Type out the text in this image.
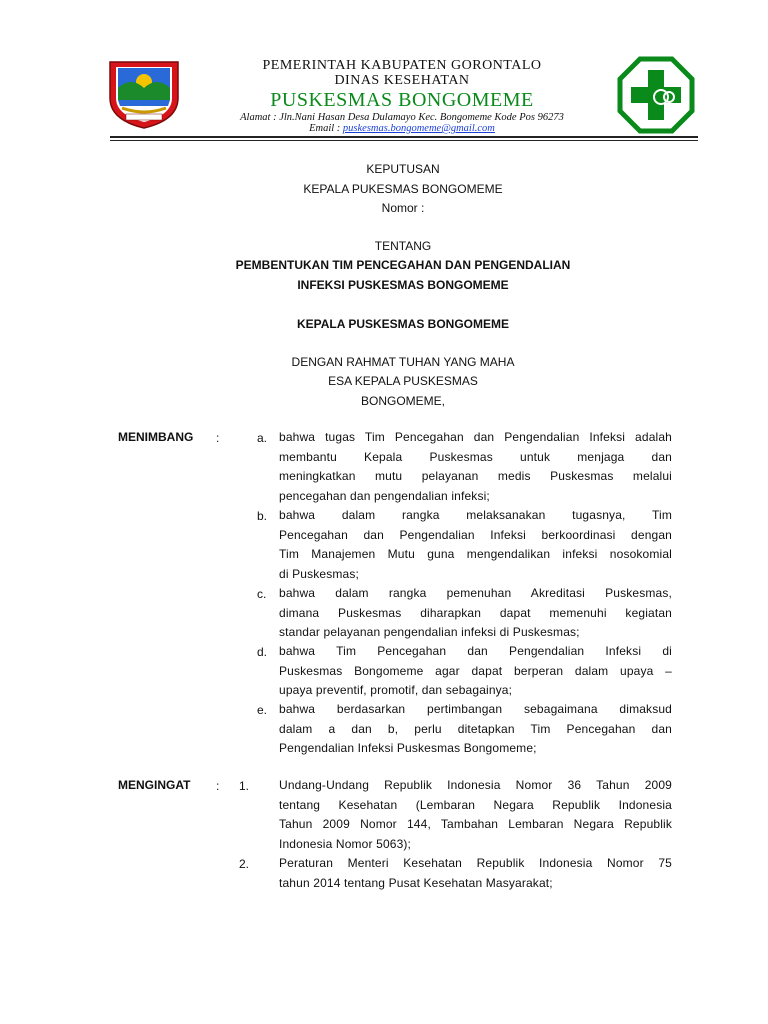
PEMERINTAH KABUPATEN GORONTALO
DINAS KESEHATAN
PUSKESMAS BONGOMEME
Alamat : Jln.Nani Hasan Desa Dulamayo Kec. Bongomeme Kode Pos 96273
Email : puskesmas.bongomeme@gmail.com
KEPUTUSAN
KEPALA PUKESMAS BONGOMEME
Nomor :
TENTANG
PEMBENTUKAN TIM PENCEGAHAN DAN PENGENDALIAN
INFEKSI PUSKESMAS BONGOMEME
KEPALA PUSKESMAS BONGOMEME
DENGAN RAHMAT TUHAN YANG MAHA
ESA KEPALA PUSKESMAS
BONGOMEME,
MENIMBANG :	a. bahwa tugas Tim Pencegahan dan Pengendalian Infeksi adalah
membantu Kepala Puskesmas untuk menjaga dan
meningkatkan mutu pelayanan medis Puskesmas melalui
pencegahan dan pengendalian infeksi;
b. bahwa dalam rangka melaksanakan tugasnya, Tim
Pencegahan dan Pengendalian Infeksi berkoordinasi dengan
Tim Manajemen Mutu guna mengendalikan infeksi nosokomial
di Puskesmas;
c. bahwa dalam rangka pemenuhan Akreditasi Puskesmas,
dimana Puskesmas diharapkan dapat memenuhi kegiatan
standar pelayanan pengendalian infeksi di Puskesmas;
d. bahwa Tim Pencegahan dan Pengendalian Infeksi di
Puskesmas Bongomeme agar dapat berperan dalam upaya –
upaya preventif, promotif, dan sebagainya;
e. bahwa berdasarkan pertimbangan sebagaimana dimaksud
dalam a dan b, perlu ditetapkan Tim Pencegahan dan
Pengendalian Infeksi Puskesmas Bongomeme;
MENGINGAT : 1. Undang-Undang Republik Indonesia Nomor 36 Tahun 2009
tentang Kesehatan (Lembaran Negara Republik Indonesia
Tahun 2009 Nomor 144, Tambahan Lembaran Negara Republik
Indonesia Nomor 5063);
2. Peraturan Menteri Kesehatan Republik Indonesia Nomor 75
tahun 2014 tentang Pusat Kesehatan Masyarakat;
